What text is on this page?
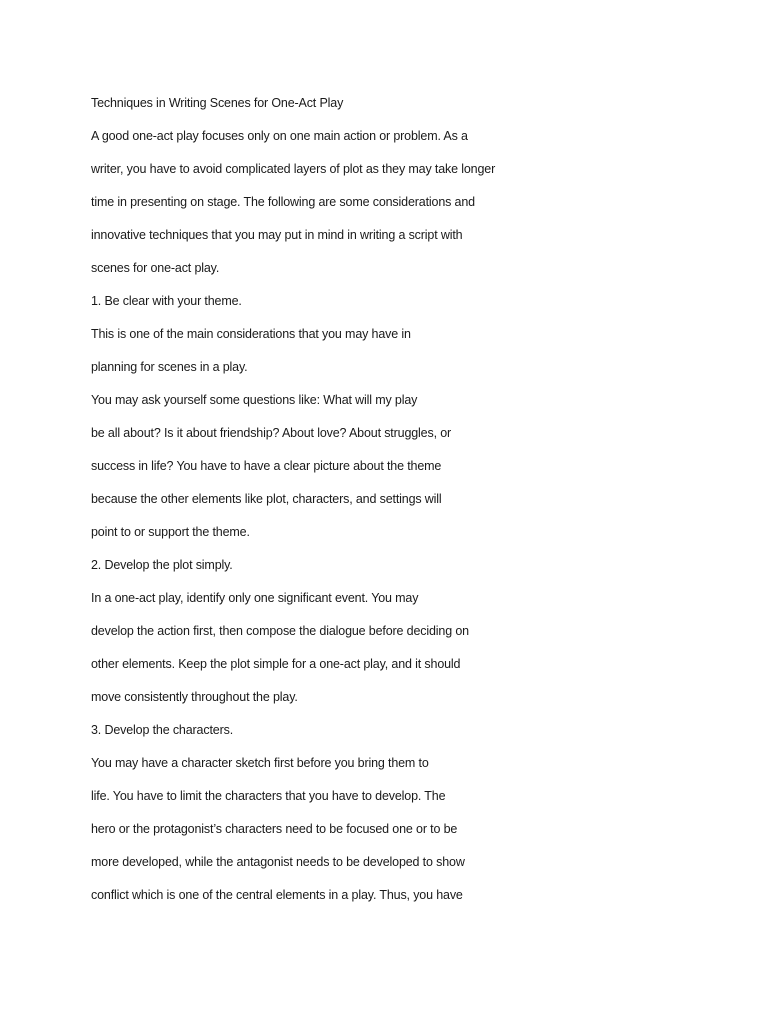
Techniques in Writing Scenes for One-Act Play
A good one-act play focuses only on one main action or problem. As a
writer, you have to avoid complicated layers of plot as they may take longer
time in presenting on stage. The following are some considerations and
innovative techniques that you may put in mind in writing a script with
scenes for one-act play.
1. Be clear with your theme.
This is one of the main considerations that you may have in
planning for scenes in a play.
You may ask yourself some questions like: What will my play
be all about? Is it about friendship? About love? About struggles, or
success in life? You have to have a clear picture about the theme
because the other elements like plot, characters, and settings will
point to or support the theme.
2. Develop the plot simply.
In a one-act play, identify only one significant event. You may
develop the action first, then compose the dialogue before deciding on
other elements. Keep the plot simple for a one-act play, and it should
move consistently throughout the play.
3. Develop the characters.
You may have a character sketch first before you bring them to
life. You have to limit the characters that you have to develop. The
hero or the protagonist’s characters need to be focused one or to be
more developed, while the antagonist needs to be developed to show
conflict which is one of the central elements in a play. Thus, you have
